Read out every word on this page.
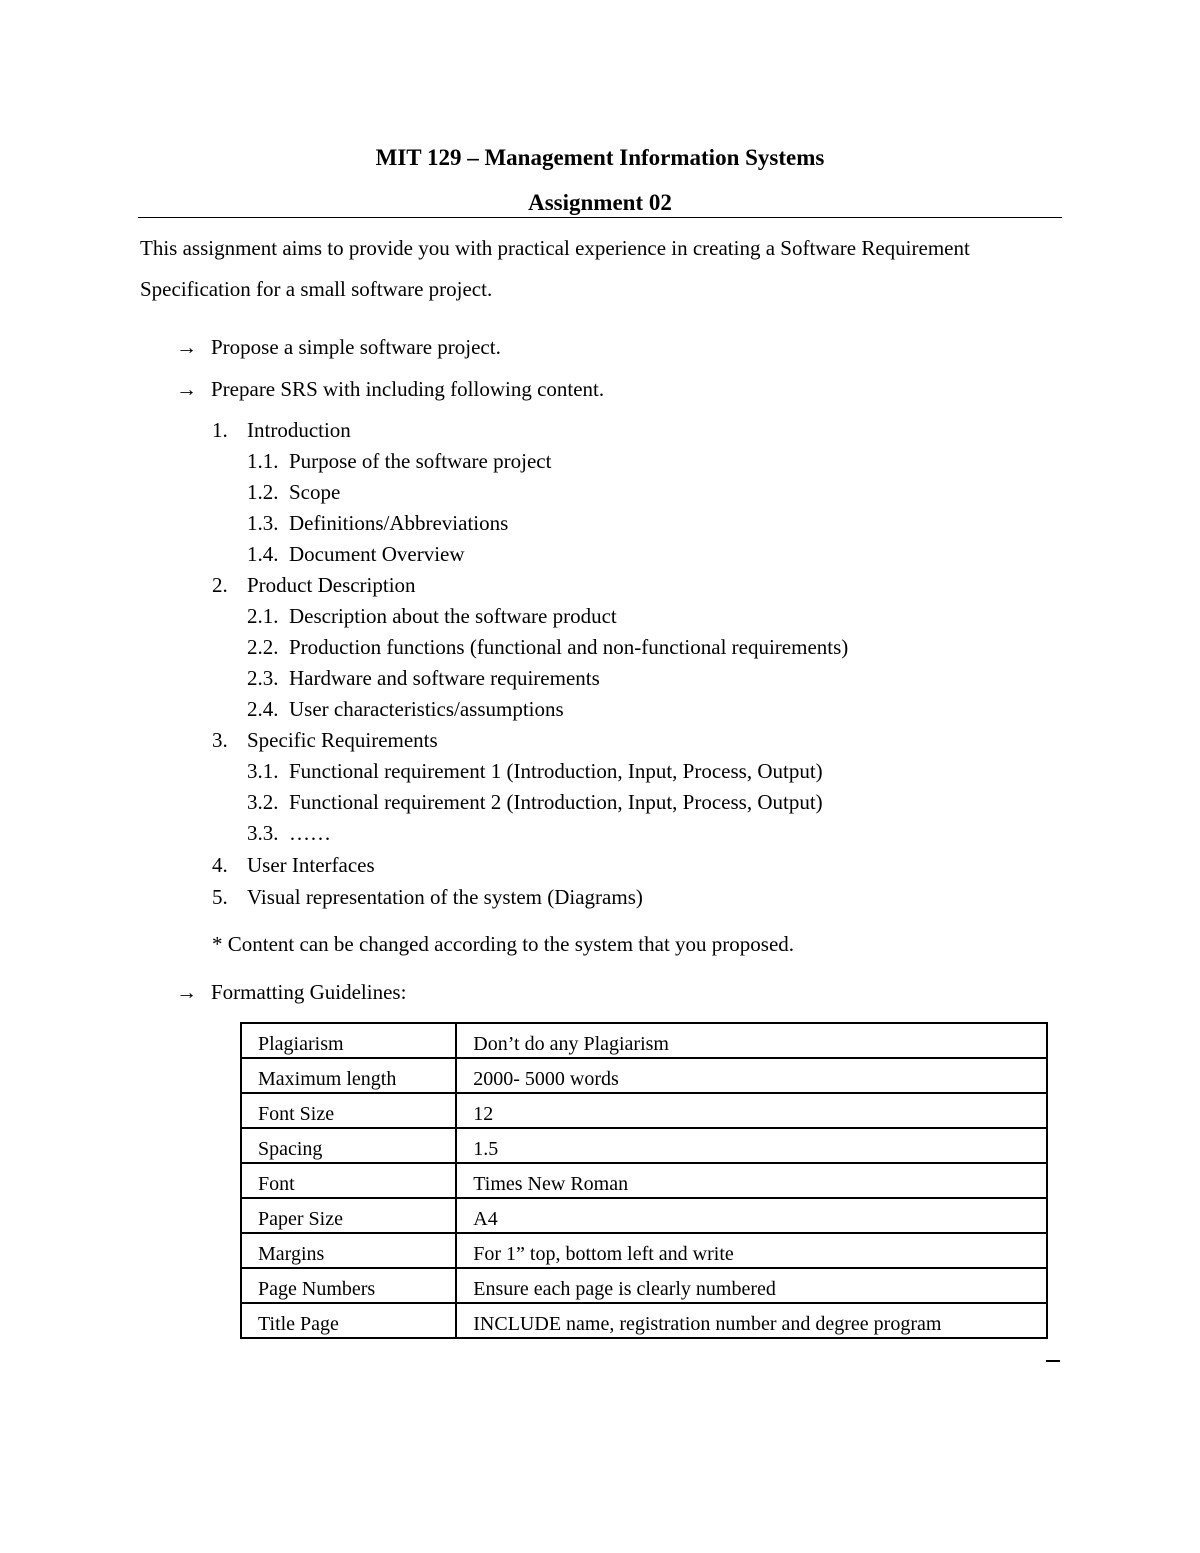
MIT 129 – Management Information Systems
Assignment 02
This assignment aims to provide you with practical experience in creating a Software Requirement
Specification for a small software project.
→ Propose a simple software project.
→ Prepare SRS with including following content.
1. Introduction
1.1. Purpose of the software project
1.2. Scope
1.3. Definitions/Abbreviations
1.4. Document Overview
2. Product Description
2.1. Description about the software product
2.2. Production functions (functional and non-functional requirements)
2.3. Hardware and software requirements
2.4. User characteristics/assumptions
3. Specific Requirements
3.1. Functional requirement 1 (Introduction, Input, Process, Output)
3.2. Functional requirement 2 (Introduction, Input, Process, Output)
3.3. ……
4. User Interfaces
5. Visual representation of the system (Diagrams)
* Content can be changed according to the system that you proposed.
→ Formatting Guidelines:
Plagiarism	Don’t do any Plagiarism
Maximum length	2000- 5000 words
Font Size	12
Spacing	1.5
Font	Times New Roman
Paper Size	A4
Margins	For 1” top, bottom left and write
Page Numbers	Ensure each page is clearly numbered
Title Page	INCLUDE name, registration number and degree program
